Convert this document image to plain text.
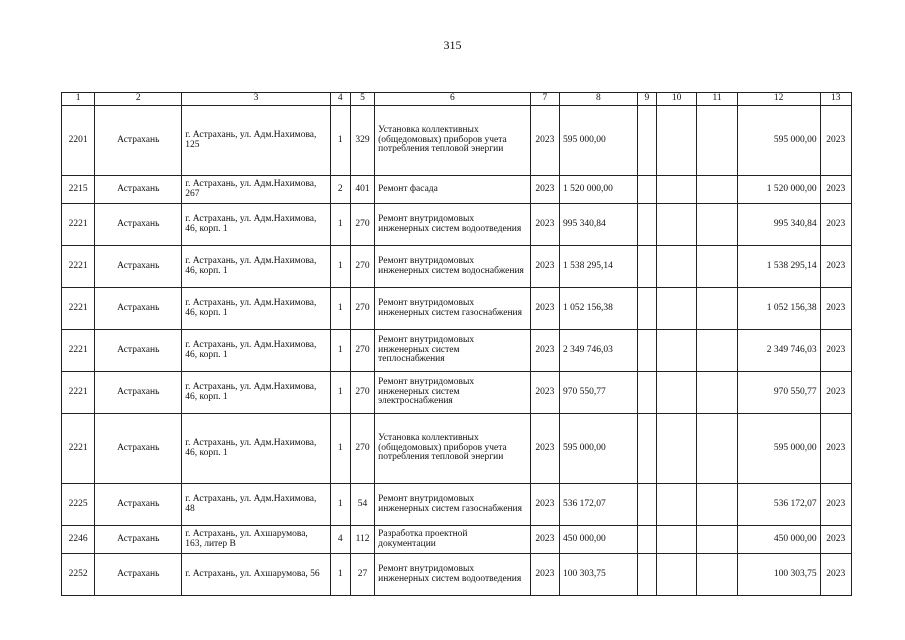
315
1	2	3	4	5	6	7	8	9	10	11	12	13
2201	Астрахань	г. Астрахань, ул. Адм.Нахимова, 125	1	329	Установка коллективных (общедомовых) приборов учета потребления тепловой энергии	2023	595 000,00				595 000,00	2023
2215	Астрахань	г. Астрахань, ул. Адм.Нахимова, 267	2	401	Ремонт фасада	2023	1 520 000,00				1 520 000,00	2023
2221	Астрахань	г. Астрахань, ул. Адм.Нахимова, 46, корп. 1	1	270	Ремонт внутридомовых инженерных систем водоотведения	2023	995 340,84				995 340,84	2023
2221	Астрахань	г. Астрахань, ул. Адм.Нахимова, 46, корп. 1	1	270	Ремонт внутридомовых инженерных систем водоснабжения	2023	1 538 295,14				1 538 295,14	2023
2221	Астрахань	г. Астрахань, ул. Адм.Нахимова, 46, корп. 1	1	270	Ремонт внутридомовых инженерных систем газоснабжения	2023	1 052 156,38				1 052 156,38	2023
2221	Астрахань	г. Астрахань, ул. Адм.Нахимова, 46, корп. 1	1	270	Ремонт внутридомовых инженерных систем теплоснабжения	2023	2 349 746,03				2 349 746,03	2023
2221	Астрахань	г. Астрахань, ул. Адм.Нахимова, 46, корп. 1	1	270	Ремонт внутридомовых инженерных систем электроснабжения	2023	970 550,77				970 550,77	2023
2221	Астрахань	г. Астрахань, ул. Адм.Нахимова, 46, корп. 1	1	270	Установка коллективных (общедомовых) приборов учета потребления тепловой энергии	2023	595 000,00				595 000,00	2023
2225	Астрахань	г. Астрахань, ул. Адм.Нахимова, 48	1	54	Ремонт внутридомовых инженерных систем газоснабжения	2023	536 172,07				536 172,07	2023
2246	Астрахань	г. Астрахань, ул. Ахшарумова, 163, литер В	4	112	Разработка проектной документации	2023	450 000,00				450 000,00	2023
2252	Астрахань	г. Астрахань, ул. Ахшарумова, 56	1	27	Ремонт внутридомовых инженерных систем водоотведения	2023	100 303,75				100 303,75	2023
